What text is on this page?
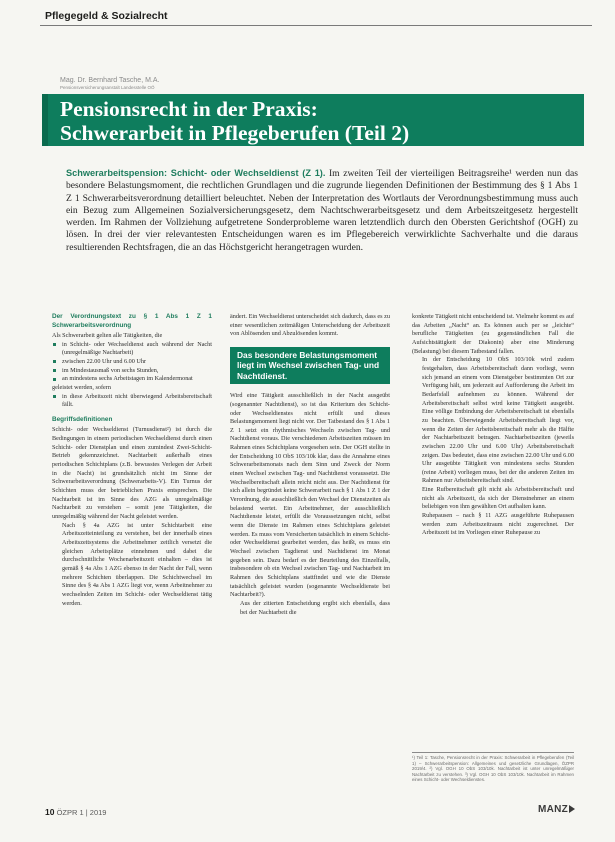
Pflegegeld & Sozialrecht
Mag. Dr. Bernhard Tasche, M.A.
Pensionsversicherungsanstalt Landesstelle OÖ
Pensionsrecht in der Praxis:
Schwerarbeit in Pflegeberufen (Teil 2)
Schwerarbeitspension: Schicht- oder Wechseldienst (Z 1). Im zweiten Teil der vierteiligen Beitragsreihe¹ werden nun das besondere Belastungsmoment, die rechtlichen Grundlagen und die zugrunde liegenden Definitionen der Bestimmung des § 1 Abs 1 Z 1 Schwerarbeitsverordnung detailliert beleuchtet. Neben der Interpretation des Wortlauts der Verordnungsbestimmung muss auch ein Bezug zum Allgemeinen Sozialversicherungsgesetz, dem Nachtschwerarbeitsgesetz und dem Arbeitszeitgesetz hergestellt werden. Im Rahmen der Vollziehung aufgetretene Sonderprobleme waren letztendlich durch den Obersten Gerichtshof (OGH) zu lösen. In drei der vier relevantesten Entscheidungen waren es im Pflegebereich verwirklichte Sachverhalte und die daraus resultierenden Rechtsfragen, die an das Höchstgericht herangetragen wurden.
Der Verordnungstext zu § 1 Abs 1 Z 1 Schwerarbeitsverordnung

Als Schwerarbeit gelten alle Tätigkeiten, die

in Schicht- oder Wechseldienst auch während der Nacht (unregelmäßige Nachtarbeit)
zwischen 22.00 Uhr und 6.00 Uhr
im Mindestausmaß von sechs Stunden,
an mindestens sechs Arbeitstagen im Kalendermonat

geleistet werden, sofern

in diese Arbeitszeit nicht überwiegend Arbeitsbereitschaft fällt.
Begriffsdefinitionen

Schicht- oder Wechseldienst (Turnusdienst²) ist durch die Bedingungen in einem periodischen Wechseldienst durch einen Schicht- oder Dienstplan und einen zumindest Zwei-Schicht-Betrieb gekennzeichnet. Nachtarbeit außerhalb eines periodischen Schichtplans (z.B. bewusstes Verlegen der Arbeit in die Nacht) ist grundsätzlich nicht im Sinne der Schwerarbeitsverordnung (Schwerarbeits-V). Ein Turnus der Schichten muss der betrieblichen Praxis entsprechen. Die Nachtarbeit ist im Sinne des AZG als unregelmäßige Nachtarbeit zu verstehen – somit jene Tätigkeiten, die unregelmäßig während der Nacht geleistet werden.

Nach § 4a AZG ist unter Schichtarbeit eine Arbeitszeiteinteilung zu verstehen, bei der innerhalb eines Arbeitszeitsystems die Arbeitnehmer zeitlich versetzt die gleichen Arbeitsplätze einnehmen und dabei die durchschnittliche Wochenarbeitszeit einhalten – dies ist gemäß § 4a Abs 1 AZG ebenso in der Nacht der Fall, wenn mehrere Schichten überlappen. Die Schichtwechsel im Sinne des § 4a Abs 1 AZG liegt vor, wenn Arbeitnehmer zu wechselnden Zeiten im Schicht- oder Wechseldienst tätig werden.

ändert. Ein Wechseldienst unterscheidet sich dadurch, dass es zu einer wesentlichen zeitmäßigen Unterscheidung der Arbeitszeit von Ablösenden und Abzulösenden kommt.

Das besondere Belastungsmoment liegt im Wechsel zwischen Tag- und Nachtdienst.

Wird eine Tätigkeit ausschließlich in der Nacht ausgeübt (sogenannter Nachtdienst), so ist das Kriterium des Schicht- oder Wechseldienstes nicht erfüllt und dieses Belastungsmoment liegt nicht vor. Der Tatbestand des § 1 Abs 1 Z 1 setzt ein rhythmisches Wechseln zwischen Tag- und Nachtdienst voraus. Die verschiedenen Arbeitszeiten müssen im Rahmen eines Schichtplans vorgesehen sein. Der OGH stellte in der Entscheidung 10 ObS 103/10k klar, dass die Annahme eines Schwerarbeitsmonats nach dem Sinn und Zweck der Norm einen Wechsel zwischen Tag- und Nachtdienst voraussetzt. Die Wechselbereitschaft allein reicht nicht aus. Der Nachtdienst für sich allein begründet keine Schwerarbeit nach § 1 Abs 1 Z 1 der Verordnung, die ausschließlich den Wechsel der Dienstzeiten als belastend wertet. Ein Arbeitnehmer, der ausschließlich Nachtdienste leistet, erfüllt die Voraussetzungen nicht, selbst wenn die Dienste im Rahmen eines Schichtplans geleistet werden. Es muss vom Versicherten tatsächlich in einem Schicht- oder Wechseldienst gearbeitet werden, das heißt, es muss ein Wechsel zwischen Tagdienst und Nachtdienst im Monat gegeben sein. Dazu bedarf es der Beurteilung des Einzelfalls, insbesondere ob ein Wechsel zwischen Tag- und Nachtarbeit im Rahmen des Schichtplans stattfindet und wie die Dienste tatsächlich geleistet wurden (sogenannte Wechseldienste bei Nachtarbeit?).

Aus der zitierten Entscheidung ergibt sich ebenfalls, dass bei der Nachtarbeit die

konkrete Tätigkeit nicht entscheidend ist. Vielmehr kommt es auf das Arbeiten „Nacht“ an. Es können auch per se „leichte“ berufliche Tätigkeiten (zu gegenständlichen Fall die Aufsichtstätigkeit der Diakonin) aber eine Minderung (Belastung) bei diesem Tatbestand fallen.

In der Entscheidung 10 ObS 103/10k wird zudem festgehalten, dass Arbeitsbereitschaft dann vorliegt, wenn sich jemand an einem vom Dienstgeber bestimmten Ort zur Verfügung hält, um jederzeit auf Aufforderung die Arbeit im Bedarfsfall aufnehmen zu können. Während der Arbeitsbereitschaft selbst wird keine Tätigkeit ausgeübt. Eine völlige Entbindung der Arbeitsbereitschaft ist ebenfalls zu beachten. Überwiegende Arbeitsbereitschaft liegt vor, wenn die Zeiten der Arbeitsbereitschaft mehr als die Hälfte der Nachtarbeitszeit betragen. Nachtarbeitszeiten (jeweils zwischen 22.00 Uhr und 6.00 Uhr) Arbeitsbereitschaft zeigen. Das bedeutet, dass eine zwischen 22.00 Uhr und 6.00 Uhr ausgeübte Tätigkeit von mindestens sechs Stunden (reine Arbeit) vorliegen muss, bei der die anderen Zeiten im Rahmen nur Arbeitsbereitschaft sind.

Eine Rufbereitschaft gilt nicht als Arbeitsbereitschaft und nicht als Arbeitszeit, da sich der Dienstnehmer an einem beliebigen von ihm gewählten Ort aufhalten kann.

Ruhepausen – nach § 11 AZG ausgeführte Ruhepausen werden zum Arbeitszeitraum nicht zugerechnet. Der Arbeitszeit ist im Vorliegen einer Ruhepause zu

¹) Teil 1: Tasche, Pensionsrecht in der Praxis: Schwerarbeit in Pflegeberufen (Teil 1) – Schwerarbeitspension: Allgemeines und gesetzliche Grundlagen, ÖZPR 2019/4. ²) Vgl. OGH 10 ObS 103/10k. Nachtarbeit ist unter unregelmäßiger Nachtarbeit zu verstehen. ³) Vgl. OGH 10 ObS 103/10k. Nachtarbeit im Rahmen eines Schicht- oder Wechseldienstes.
10 ÖZPR 1 | 2019	MANZ
